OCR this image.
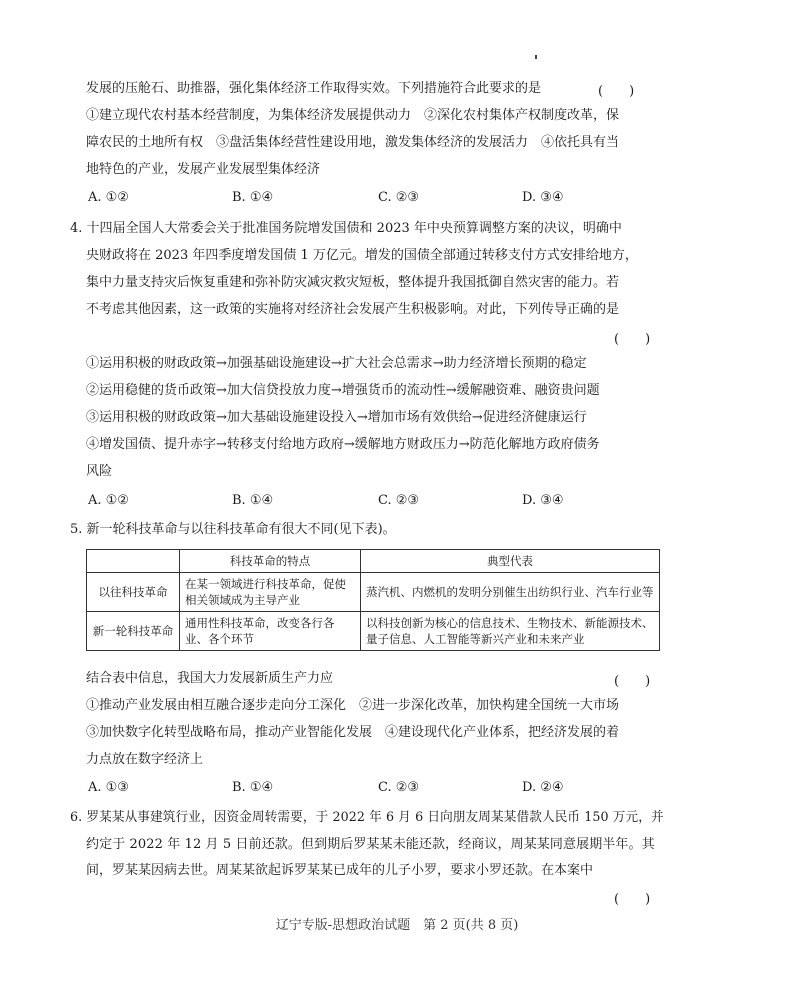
发展的压舱石、助推器，强化集体经济工作取得实效。下列措施符合此要求的是	(　　)
①建立现代农村基本经营制度，为集体经济发展提供动力　②深化农村集体产权制度改革，保
障农民的土地所有权　③盘活集体经营性建设用地，激发集体经济的发展活力　④依托具有当
地特色的产业，发展产业发展型集体经济
A. ①②	B. ①④	C. ②③	D. ③④
4. 十四届全国人大常委会关于批准国务院增发国债和 2023 年中央预算调整方案的决议，明确中
央财政将在 2023 年四季度增发国债 1 万亿元。增发的国债全部通过转移支付方式安排给地方，
集中力量支持灾后恢复重建和弥补防灾减灾救灾短板，整体提升我国抵御自然灾害的能力。若
不考虑其他因素，这一政策的实施将对经济社会发展产生积极影响。对此，下列传导正确的是
(　　)
①运用积极的财政政策→加强基础设施建设→扩大社会总需求→助力经济增长预期的稳定
②运用稳健的货币政策→加大信贷投放力度→增强货币的流动性→缓解融资难、融资贵问题
③运用积极的财政政策→加大基础设施建设投入→增加市场有效供给→促进经济健康运行
④增发国债、提升赤字→转移支付给地方政府→缓解地方财政压力→防范化解地方政府债务
风险
A. ①②	B. ①④	C. ②③	D. ③④
5. 新一轮科技革命与以往科技革命有很大不同(见下表)。
	科技革命的特点	典型代表
以往科技革命	在某一领域进行科技革命，促使相关领域成为主导产业	蒸汽机、内燃机的发明分别催生出纺织行业、汽车行业等
新一轮科技革命	通用性科技革命，改变各行各业、各个环节	以科技创新为核心的信息技术、生物技术、新能源技术、量子信息、人工智能等新兴产业和未来产业
结合表中信息，我国大力发展新质生产力应	(　　)
①推动产业发展由相互融合逐步走向分工深化　②进一步深化改革，加快构建全国统一大市场
③加快数字化转型战略布局，推动产业智能化发展　④建设现代化产业体系，把经济发展的着
力点放在数字经济上
A. ①③	B. ①④	C. ②③	D. ②④
6. 罗某某从事建筑行业，因资金周转需要，于 2022 年 6 月 6 日向朋友周某某借款人民币 150 万元，并
约定于 2022 年 12 月 5 日前还款。但到期后罗某某未能还款，经商议，周某某同意展期半年。其
间，罗某某因病去世。周某某欲起诉罗某某已成年的儿子小罗，要求小罗还款。在本案中
(　　)
辽宁专版-思想政治试题　第 2 页(共 8 页)
